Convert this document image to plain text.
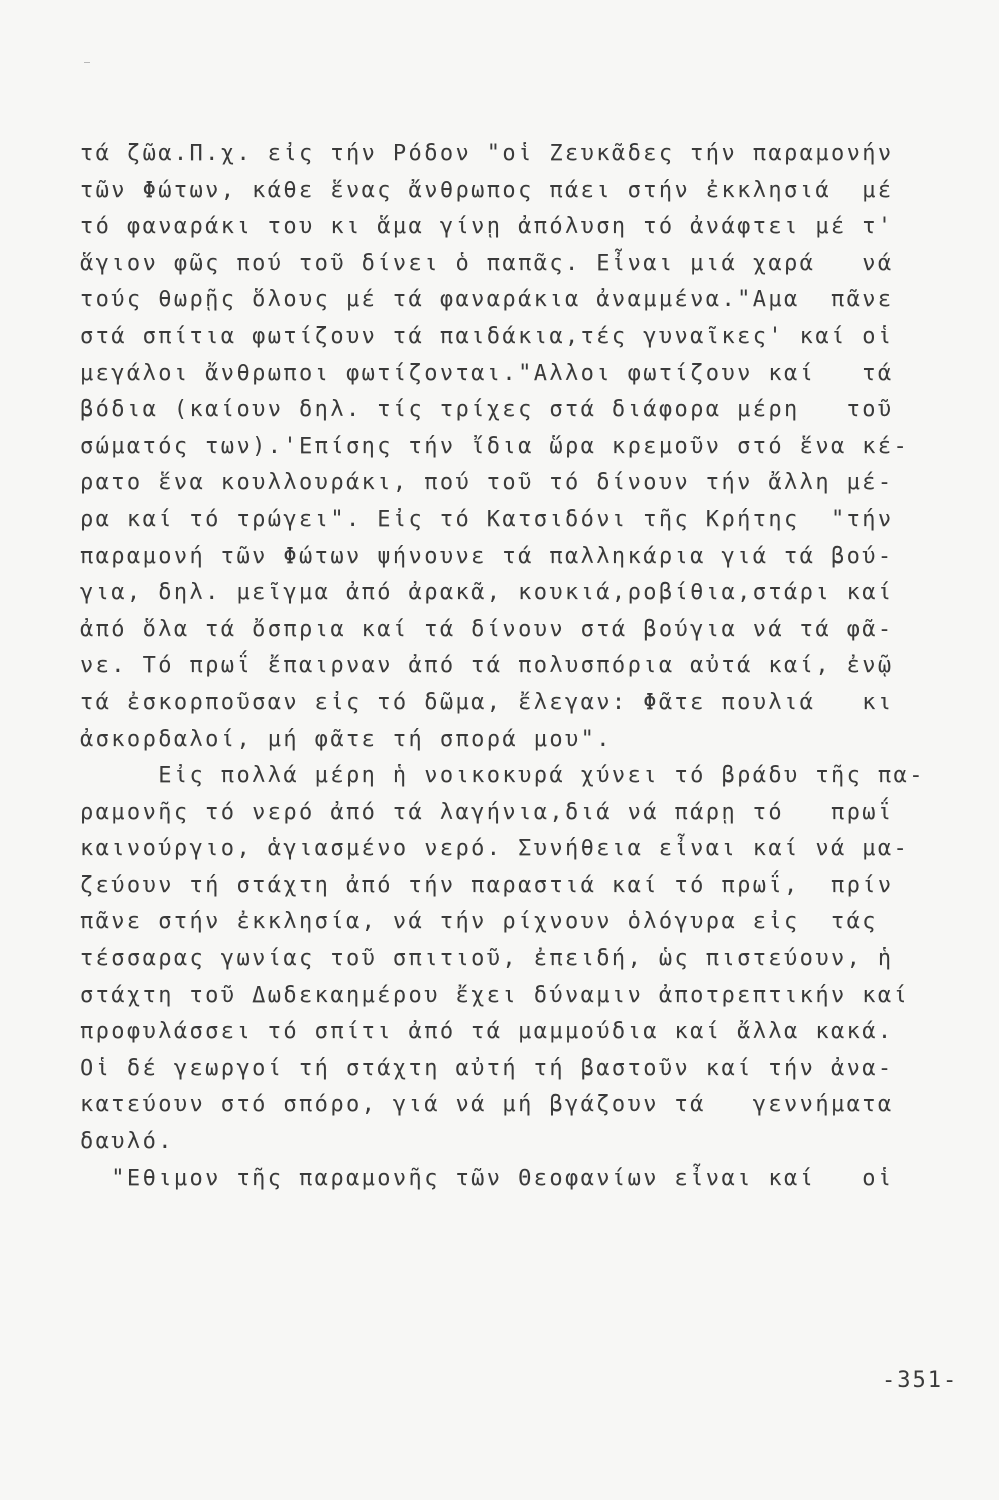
τά ζῶα.Π.χ. εἰς τήν Ρόδον "οἱ Ζευκᾶδες τήν παραμονήν
τῶν Φώτων, κάθε ἕνας ἄνθρωπος πάει στήν ἐκκλησιά  μέ
τό φαναράκι του κι ἅμα γίνῃ ἀπόλυση τό ἀνάφτει μέ τ'
ἅγιον φῶς πού τοῦ δίνει ὁ παπᾶς. Εἶναι μιά χαρά   νά
τούς θωρῇς ὅλους μέ τά φαναράκια ἀναμμένα."Αμα  πᾶνε
στά σπίτια φωτίζουν τά παιδάκια,τές γυναῖκες' καί οἱ
μεγάλοι ἄνθρωποι φωτίζονται."Αλλοι φωτίζουν καί   τά
βόδια (καίουν δηλ. τίς τρίχες στά διάφορα μέρη   τοῦ
σώματός των).'Επίσης τήν ἴδια ὥρα κρεμοῦν στό ἕνα κέ-
ρατο ἕνα κουλλουράκι, πού τοῦ τό δίνουν τήν ἄλλη μέ-
ρα καί τό τρώγει". Εἰς τό Κατσιδόνι τῆς Κρήτης  "τήν
παραμονή τῶν Φώτων ψήνουνε τά παλληκάρια γιά τά βού-
για, δηλ. μεῖγμα ἀπό ἀρακᾶ, κουκιά,ροβίθια,στάρι καί
ἀπό ὅλα τά ὄσπρια καί τά δίνουν στά βούγια νά τά φᾶ-
νε. Τό πρωΐ ἔπαιρναν ἀπό τά πολυσπόρια αὐτά καί, ἐνῷ
τά ἐσκορποῦσαν εἰς τό δῶμα, ἔλεγαν: Φᾶτε πουλιά   κι
ἀσκορδαλοί, μή φᾶτε τή σπορά μου".
Εἰς πολλά μέρη ἡ νοικοκυρά χύνει τό βράδυ τῆς πα-
ραμονῆς τό νερό ἀπό τά λαγήνια,διά νά πάρῃ τό   πρωΐ
καινούργιο, ἁγιασμένο νερό. Συνήθεια εἶναι καί νά μα-
ζεύουν τή στάχτη ἀπό τήν παραστιά καί τό πρωΐ,  πρίν
πᾶνε στήν ἐκκλησία, νά τήν ρίχνουν ὁλόγυρα εἰς  τάς
τέσσαρας γωνίας τοῦ σπιτιοῦ, ἐπειδή, ὡς πιστεύουν, ἡ
στάχτη τοῦ Δωδεκαημέρου ἔχει δύναμιν ἀποτρεπτικήν καί
προφυλάσσει τό σπίτι ἀπό τά μαμμούδια καί ἄλλα κακά.
Οἱ δέ γεωργοί τή στάχτη αὐτή τή βαστοῦν καί τήν ἀνα-
κατεύουν στό σπόρο, γιά νά μή βγάζουν τά   γεννήματα
δαυλό.
"Εθιμον τῆς παραμονῆς τῶν Θεοφανίων εἶναι καί   οἱ
-351-
